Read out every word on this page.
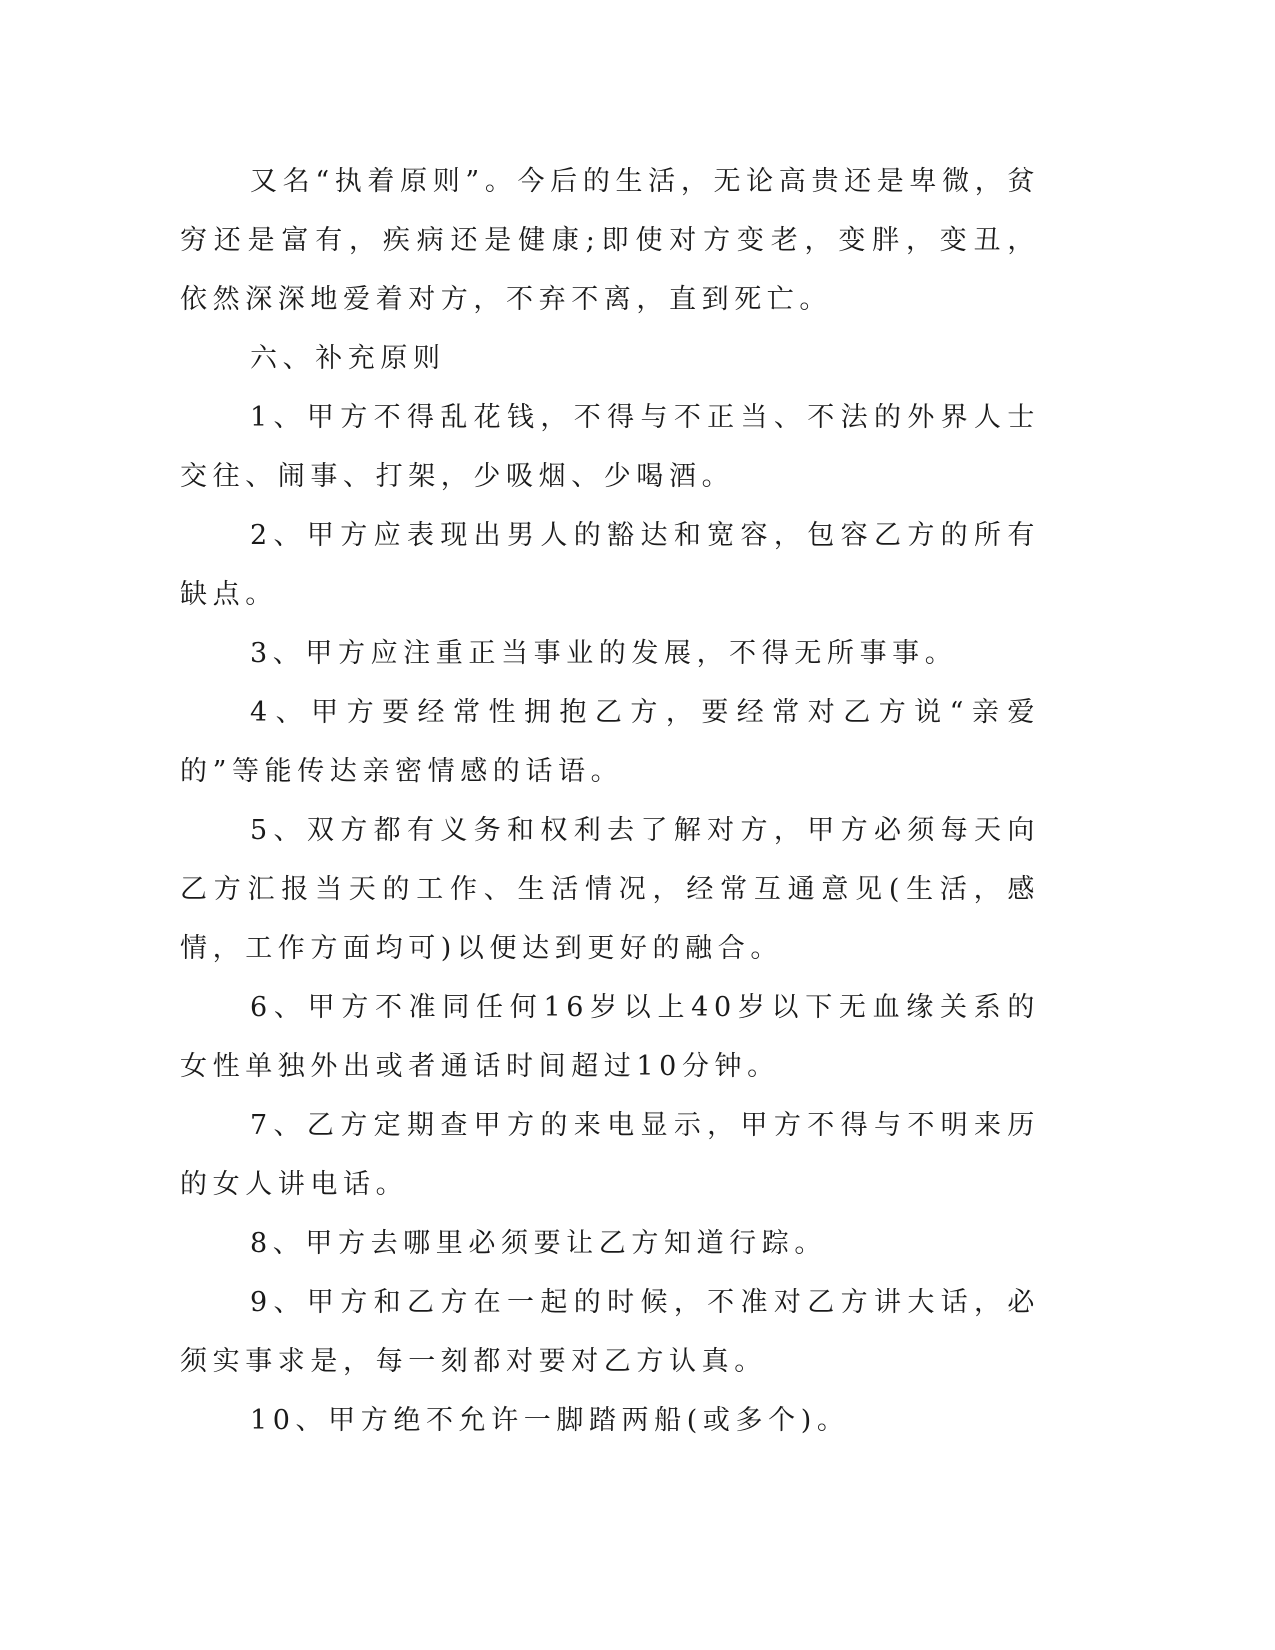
又名“执着原则”。今后的生活，无论高贵还是卑微，贫穷还是富有，疾病还是健康;即使对方变老，变胖，变丑，依然深深地爱着对方，不弃不离，直到死亡。

六、补充原则

1、甲方不得乱花钱，不得与不正当、不法的外界人士交往、闹事、打架，少吸烟、少喝酒。

2、甲方应表现出男人的豁达和宽容，包容乙方的所有缺点。

3、甲方应注重正当事业的发展，不得无所事事。

4、甲方要经常性拥抱乙方，要经常对乙方说“亲爱的”等能传达亲密情感的话语。

5、双方都有义务和权利去了解对方，甲方必须每天向乙方汇报当天的工作、生活情况，经常互通意见(生活，感情，工作方面均可)以便达到更好的融合。

6、甲方不准同任何16岁以上40岁以下无血缘关系的女性单独外出或者通话时间超过10分钟。

7、乙方定期查甲方的来电显示，甲方不得与不明来历的女人讲电话。

8、甲方去哪里必须要让乙方知道行踪。

9、甲方和乙方在一起的时候，不准对乙方讲大话，必须实事求是，每一刻都对要对乙方认真。

10、甲方绝不允许一脚踏两船(或多个)。
